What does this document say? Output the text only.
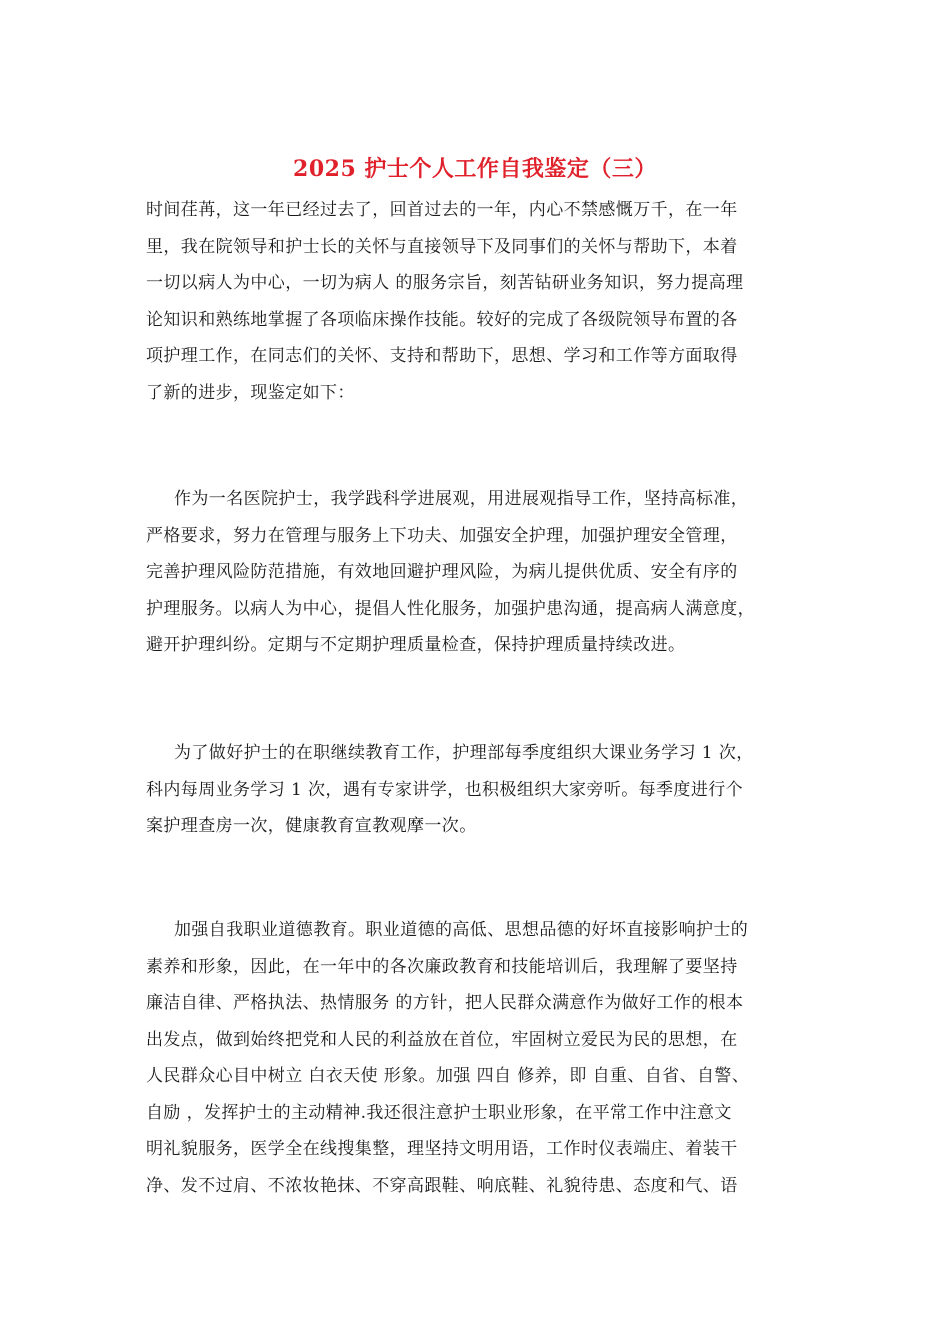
2025 护士个人工作自我鉴定（三）
时间荏苒，这一年已经过去了，回首过去的一年，内心不禁感慨万千，在一年
里，我在院领导和护士长的关怀与直接领导下及同事们的关怀与帮助下，本着
一切以病人为中心，一切为病人 的服务宗旨，刻苦钻研业务知识，努力提高理
论知识和熟练地掌握了各项临床操作技能。较好的完成了各级院领导布置的各
项护理工作，在同志们的关怀、支持和帮助下，思想、学习和工作等方面取得
了新的进步，现鉴定如下：
作为一名医院护士，我学践科学进展观，用进展观指导工作，坚持高标准，
严格要求，努力在管理与服务上下功夫、加强安全护理，加强护理安全管理，
完善护理风险防范措施，有效地回避护理风险，为病儿提供优质、安全有序的
护理服务。以病人为中心，提倡人性化服务，加强护患沟通，提高病人满意度，
避开护理纠纷。定期与不定期护理质量检查，保持护理质量持续改进。
为了做好护士的在职继续教育工作，护理部每季度组织大课业务学习 1 次，
科内每周业务学习 1 次，遇有专家讲学，也积极组织大家旁听。每季度进行个
案护理查房一次，健康教育宣教观摩一次。
加强自我职业道德教育。职业道德的高低、思想品德的好坏直接影响护士的
素养和形象，因此，在一年中的各次廉政教育和技能培训后，我理解了要坚持
廉洁自律、严格执法、热情服务 的方针，把人民群众满意作为做好工作的根本
出发点，做到始终把党和人民的利益放在首位，牢固树立爱民为民的思想，在
人民群众心目中树立 白衣天使 形象。加强 四自 修养，即 自重、自省、自警、
自励 ，发挥护士的主动精神.我还很注意护士职业形象，在平常工作中注意文
明礼貌服务，医学全在线搜集整，理坚持文明用语，工作时仪表端庄、着装干
净、发不过肩、不浓妆艳抹、不穿高跟鞋、响底鞋、礼貌待患、态度和气、语
